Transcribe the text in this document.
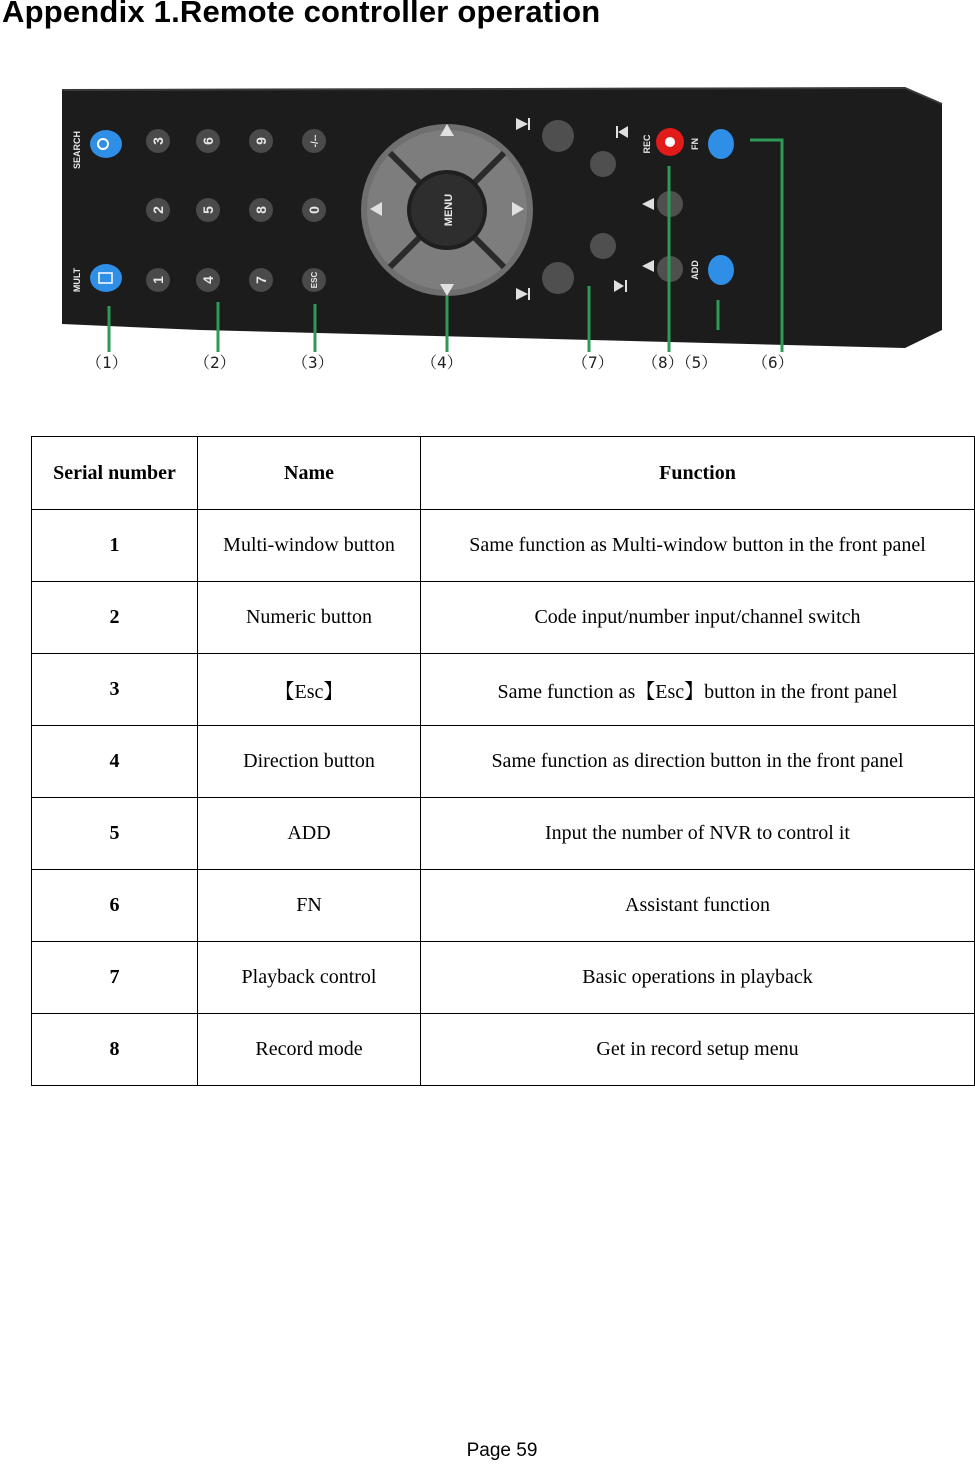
Appendix 1.Remote controller operation
SEARCH
MULT
3 6	9	-/--
2 5	8	0
1 4	7	ESC
MENU
REC	FN
ADD
（1）	（2）	（3）	（4）	（7） （8）（5） （6）
Serial number	Name	Function
1	Multi-window button	Same function as Multi-window button in the front panel
2	Numeric button	Code input/number input/channel switch
3	【Esc】	Same function as【Esc】button in the front panel
4	Direction button	Same function as direction button in the front panel
5	ADD	Input the number of NVR to control it
6	FN	Assistant function
7	Playback control	Basic operations in playback
8	Record mode	Get in record setup menu
Page 59
